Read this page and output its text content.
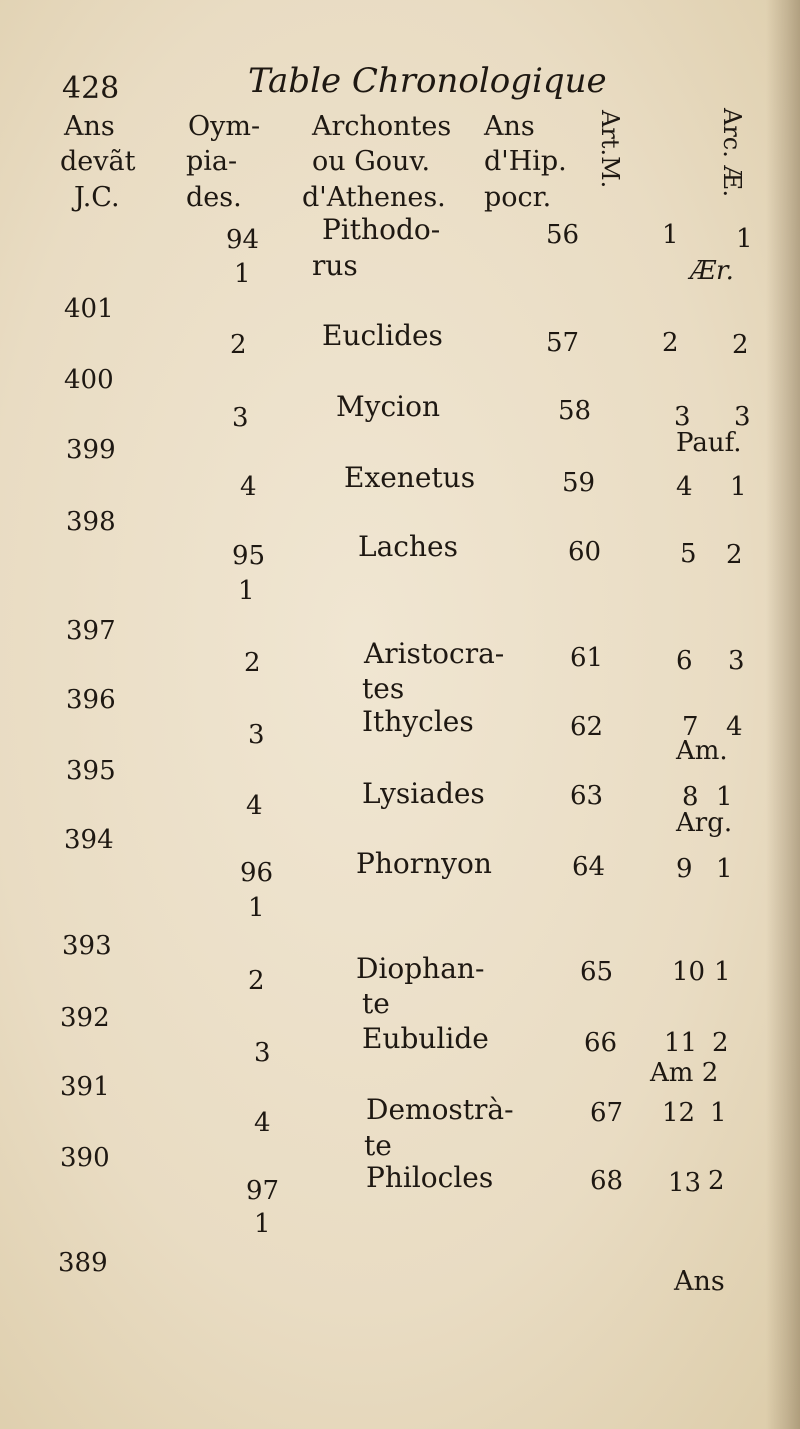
428	Table Chronologique
Ans
devãt
J.C.
Oym-
pia-
des.
Archontes
ou Gouv.
d'Athenes.
Ans
d'Hip.
pocr.
Art.M.	Arc. Æ.
401
400
399
398
397
396
395
394
393
392
391
390
389
94
1
2
3
4
95
1
2
3
4
96
1
2
3
4
97
1
Pithodo-
rus
Euclides
Mycion
Exenetus
Laches
Aristocra-
tes
Ithycles
Lysiades
Phornyon
Diophan-
te
Eubulide
Demostrà-
te
Philocles
56
57
58
59
60
61
62
63
64
65
66
67
68
1
2
3
4
5
6
7
8
9
10
11
12
13
1
2
3
1
2
3
4
1
1
1
2
1
2
Ær.
Pauf.
Am.
Arg.
Am 2
Ans
